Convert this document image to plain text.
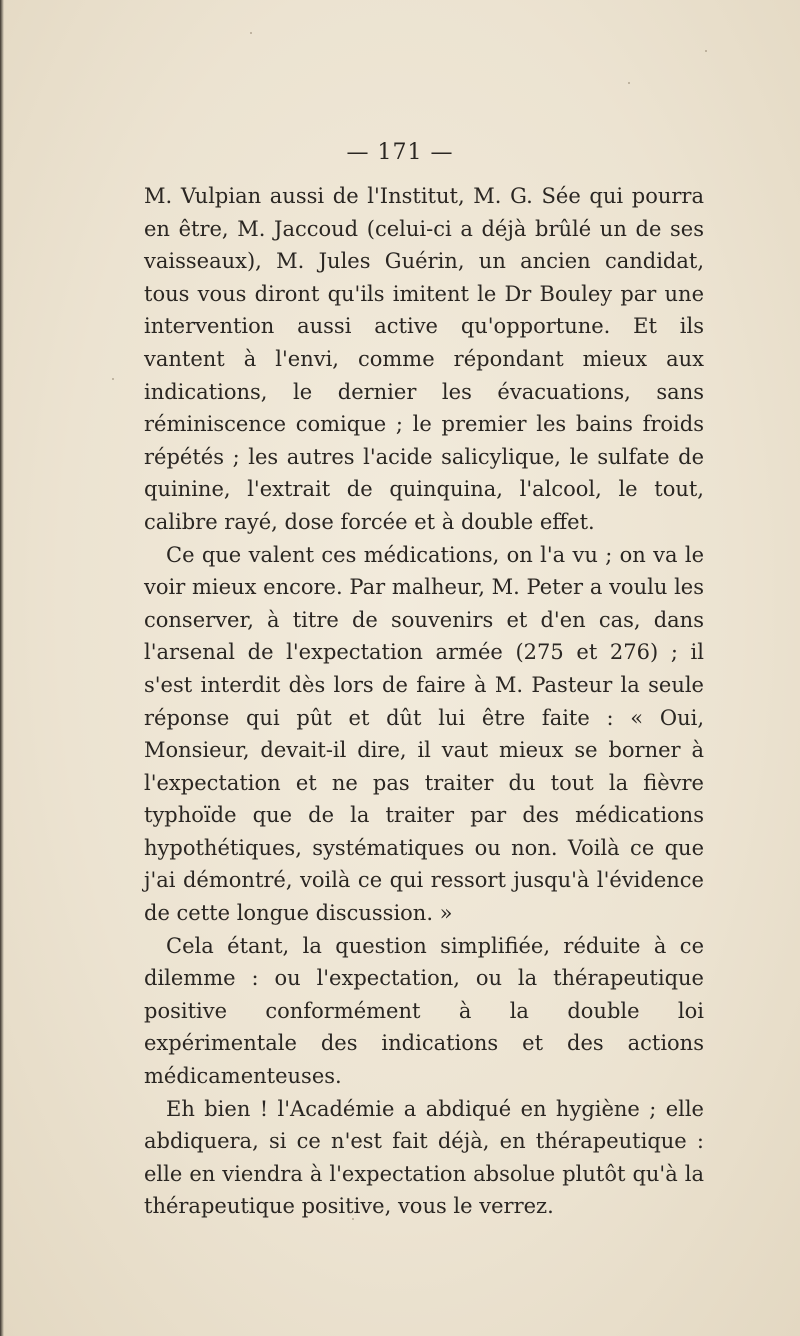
— 171 —

M. Vulpian aussi de l'Institut, M. G. Sée qui pourra en être, M. Jaccoud (celui-ci a déjà brûlé un de ses vaisseaux), M. Jules Guérin, un ancien candidat, tous vous diront qu'ils imitent le Dr Bouley par une intervention aussi active qu'opportune. Et ils vantent à l'envi, comme répondant mieux aux indications, le dernier les évacuations, sans réminiscence comique ; le premier les bains froids répétés ; les autres l'acide salicylique, le sulfate de quinine, l'extrait de quinquina, l'alcool, le tout, calibre rayé, dose forcée et à double effet.

Ce que valent ces médications, on l'a vu ; on va le voir mieux encore. Par malheur, M. Peter a voulu les conserver, à titre de souvenirs et d'en cas, dans l'arsenal de l'expectation armée (275 et 276) ; il s'est interdit dès lors de faire à M. Pasteur la seule réponse qui pût et dût lui être faite : « Oui, Monsieur, devait-il dire, il vaut mieux se borner à l'expectation et ne pas traiter du tout la fièvre typhoïde que de la traiter par des médications hypothétiques, systématiques ou non. Voilà ce que j'ai démontré, voilà ce qui ressort jusqu'à l'évidence de cette longue discussion. »

Cela étant, la question simplifiée, réduite à ce dilemme : ou l'expectation, ou la thérapeutique positive conformément à la double loi expérimentale des indications et des actions médicamenteuses.

Eh bien ! l'Académie a abdiqué en hygiène ; elle abdiquera, si ce n'est fait déjà, en thérapeutique : elle en viendra à l'expectation absolue plutôt qu'à la thérapeutique positive, vous le verrez.
